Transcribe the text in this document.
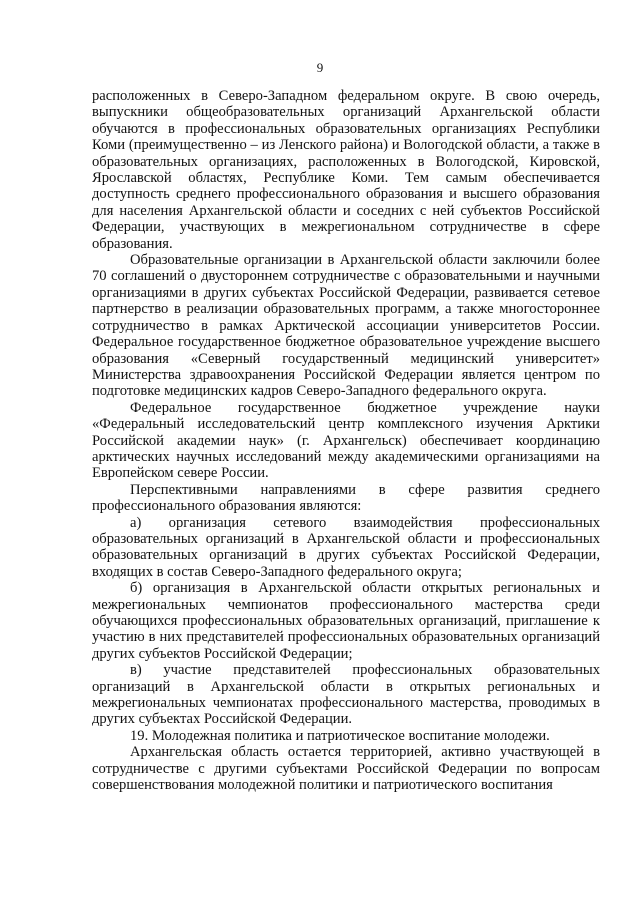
9

расположенных в Северо-Западном федеральном округе. В свою очередь, выпускники общеобразовательных организаций Архангельской области обучаются в профессиональных образовательных организациях Республики Коми (преимущественно – из Ленского района) и Вологодской области, а также в образовательных организациях, расположенных в Вологодской, Кировской, Ярославской областях, Республике Коми. Тем самым обеспечивается доступность среднего профессионального образования и высшего образования для населения Архангельской области и соседних с ней субъектов Российской Федерации, участвующих в межрегиональном сотрудничестве в сфере образования.

Образовательные организации в Архангельской области заключили более 70 соглашений о двустороннем сотрудничестве с образовательными и научными организациями в других субъектах Российской Федерации, развивается сетевое партнерство в реализации образовательных программ, а также многостороннее сотрудничество в рамках Арктической ассоциации университетов России. Федеральное государственное бюджетное образовательное учреждение высшего образования «Северный государственный медицинский университет» Министерства здравоохранения Российской Федерации является центром по подготовке медицинских кадров Северо-Западного федерального округа.

Федеральное государственное бюджетное учреждение науки «Федеральный исследовательский центр комплексного изучения Арктики Российской академии наук» (г. Архангельск) обеспечивает координацию арктических научных исследований между академическими организациями на Европейском севере России.

Перспективными направлениями в сфере развития среднего профессионального образования являются:

а) организация сетевого взаимодействия профессиональных образовательных организаций в Архангельской области и профессиональных образовательных организаций в других субъектах Российской Федерации, входящих в состав Северо-Западного федерального округа;

б) организация в Архангельской области открытых региональных и межрегиональных чемпионатов профессионального мастерства среди обучающихся профессиональных образовательных организаций, приглашение к участию в них представителей профессиональных образовательных организаций других субъектов Российской Федерации;

в) участие представителей профессиональных образовательных организаций в Архангельской области в открытых региональных и межрегиональных чемпионатах профессионального мастерства, проводимых в других субъектах Российской Федерации.

19. Молодежная политика и патриотическое воспитание молодежи.

Архангельская область остается территорией, активно участвующей в сотрудничестве с другими субъектами Российской Федерации по вопросам совершенствования молодежной политики и патриотического воспитания
